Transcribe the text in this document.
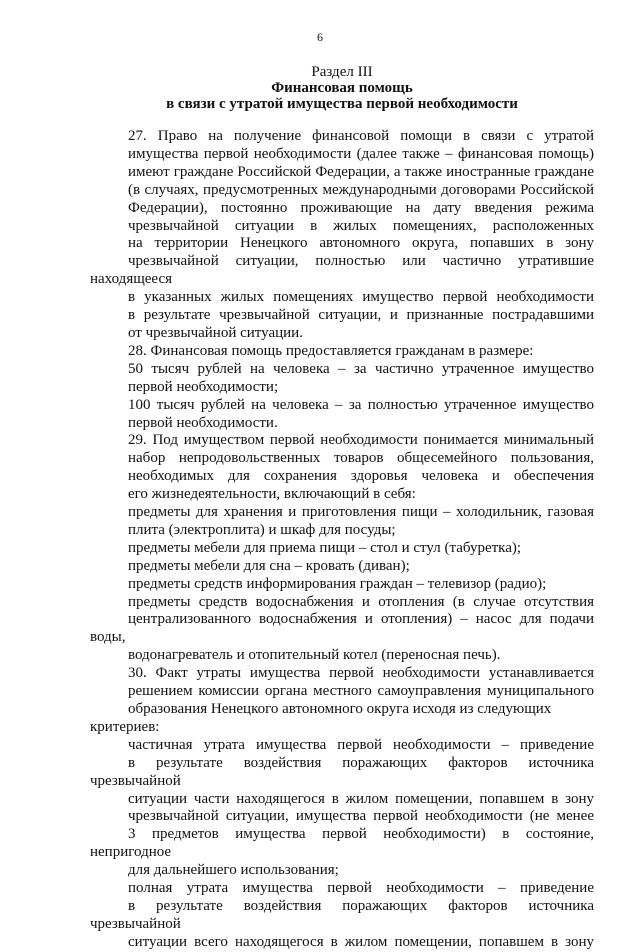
6
Раздел III
Финансовая помощь
в связи с утратой имущества первой необходимости

27. Право на получение финансовой помощи в связи с утратой
имущества первой необходимости (далее также – финансовая помощь)
имеют граждане Российской Федерации, а также иностранные граждане
(в случаях, предусмотренных международными договорами Российской
Федерации), постоянно проживающие на дату введения режима
чрезвычайной ситуации в жилых помещениях, расположенных
на территории Ненецкого автономного округа, попавших в зону
чрезвычайной ситуации, полностью или частично утратившие находящееся
в указанных жилых помещениях имущество первой необходимости
в результате чрезвычайной ситуации, и признанные пострадавшими
от чрезвычайной ситуации.

28. Финансовая помощь предоставляется гражданам в размере:

50 тысяч рублей на человека – за частично утраченное имущество
первой необходимости;

100 тысяч рублей на человека – за полностью утраченное имущество
первой необходимости.

29. Под имуществом первой необходимости понимается минимальный
набор непродовольственных товаров общесемейного пользования,
необходимых для сохранения здоровья человека и обеспечения
его жизнедеятельности, включающий в себя:

предметы для хранения и приготовления пищи – холодильник, газовая
плита (электроплита) и шкаф для посуды;

предметы мебели для приема пищи – стол и стул (табуретка);

предметы мебели для сна – кровать (диван);

предметы средств информирования граждан – телевизор (радио);

предметы средств водоснабжения и отопления (в случае отсутствия
централизованного водоснабжения и отопления) – насос для подачи воды,
водонагреватель и отопительный котел (переносная печь).

30. Факт утраты имущества первой необходимости устанавливается
решением комиссии органа местного самоуправления муниципального
образования Ненецкого автономного округа исходя из следующих критериев:

частичная утрата имущества первой необходимости – приведение
в результате воздействия поражающих факторов источника чрезвычайной
ситуации части находящегося в жилом помещении, попавшем в зону
чрезвычайной ситуации, имущества первой необходимости (не менее
3 предметов имущества первой необходимости) в состояние, непригодное
для дальнейшего использования;

полная утрата имущества первой необходимости – приведение
в результате воздействия поражающих факторов источника чрезвычайной
ситуации всего находящегося в жилом помещении, попавшем в зону
